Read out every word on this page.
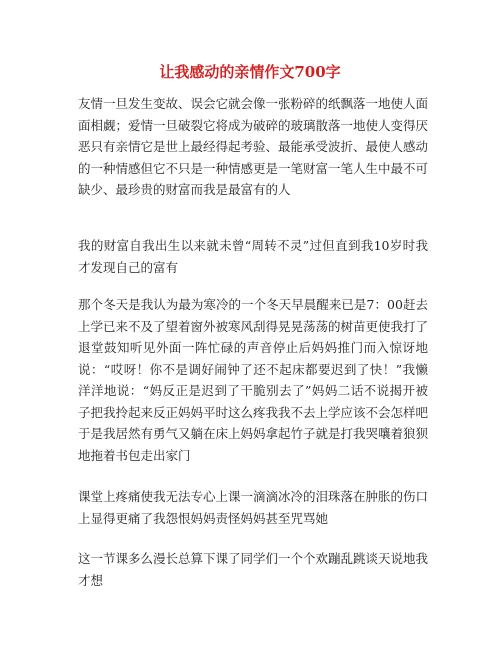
让我感动的亲情作文700字

友情一旦发生变故、误会它就会像一张粉碎的纸飘落一地使人面面相觑；爱情一旦破裂它将成为破碎的玻璃散落一地使人变得厌恶只有亲情它是世上最经得起考验、最能承受波折、最使人感动的一种情感但它不只是一种情感更是一笔财富一笔人生中最不可缺少、最珍贵的财富而我是最富有的人

我的财富自我出生以来就未曾“周转不灵”过但直到我10岁时我才发现自己的富有

那个冬天是我认为最为寒冷的一个冬天早晨醒来已是7：00赶去上学已来不及了望着窗外被寒风刮得晃晃荡荡的树苗更使我打了退堂鼓知听见外面一阵忙碌的声音停止后妈妈推门而入惊讶地说：“哎呀！你不是调好闹钟了还不起床都要迟到了快！”我懒洋洋地说：“妈反正是迟到了干脆别去了”妈妈二话不说揭开被子把我拎起来反正妈妈平时这么疼我我不去上学应该不会怎样吧于是我居然有勇气又躺在床上妈妈拿起竹子就是打我哭嚷着狼狈地拖着书包走出家门

课堂上疼痛使我无法专心上课一滴滴冰冷的泪珠落在肿胀的伤口上显得更痛了我怨恨妈妈责怪妈妈甚至咒骂她

这一节课多么漫长总算下课了同学们一个个欢蹦乱跳谈天说地我才想
